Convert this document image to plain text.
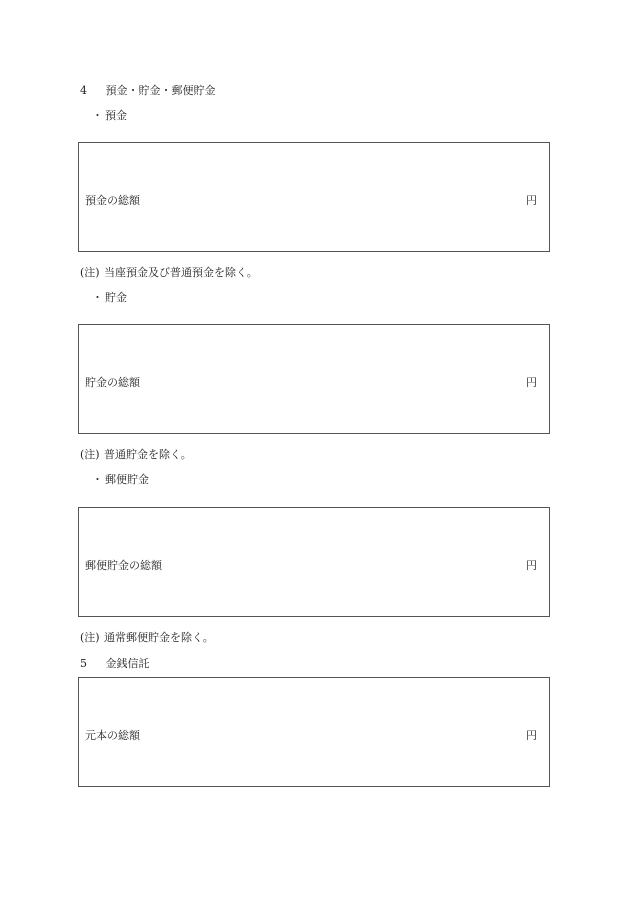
4 預金・貯金・郵便貯金
・ 預金
預金の総額	円
(注) 当座預金及び普通預金を除く。
・ 貯金
貯金の総額	円
(注) 普通貯金を除く。
・ 郵便貯金
郵便貯金の総額	円
(注) 通常郵便貯金を除く。
5 金銭信託
元本の総額	円
